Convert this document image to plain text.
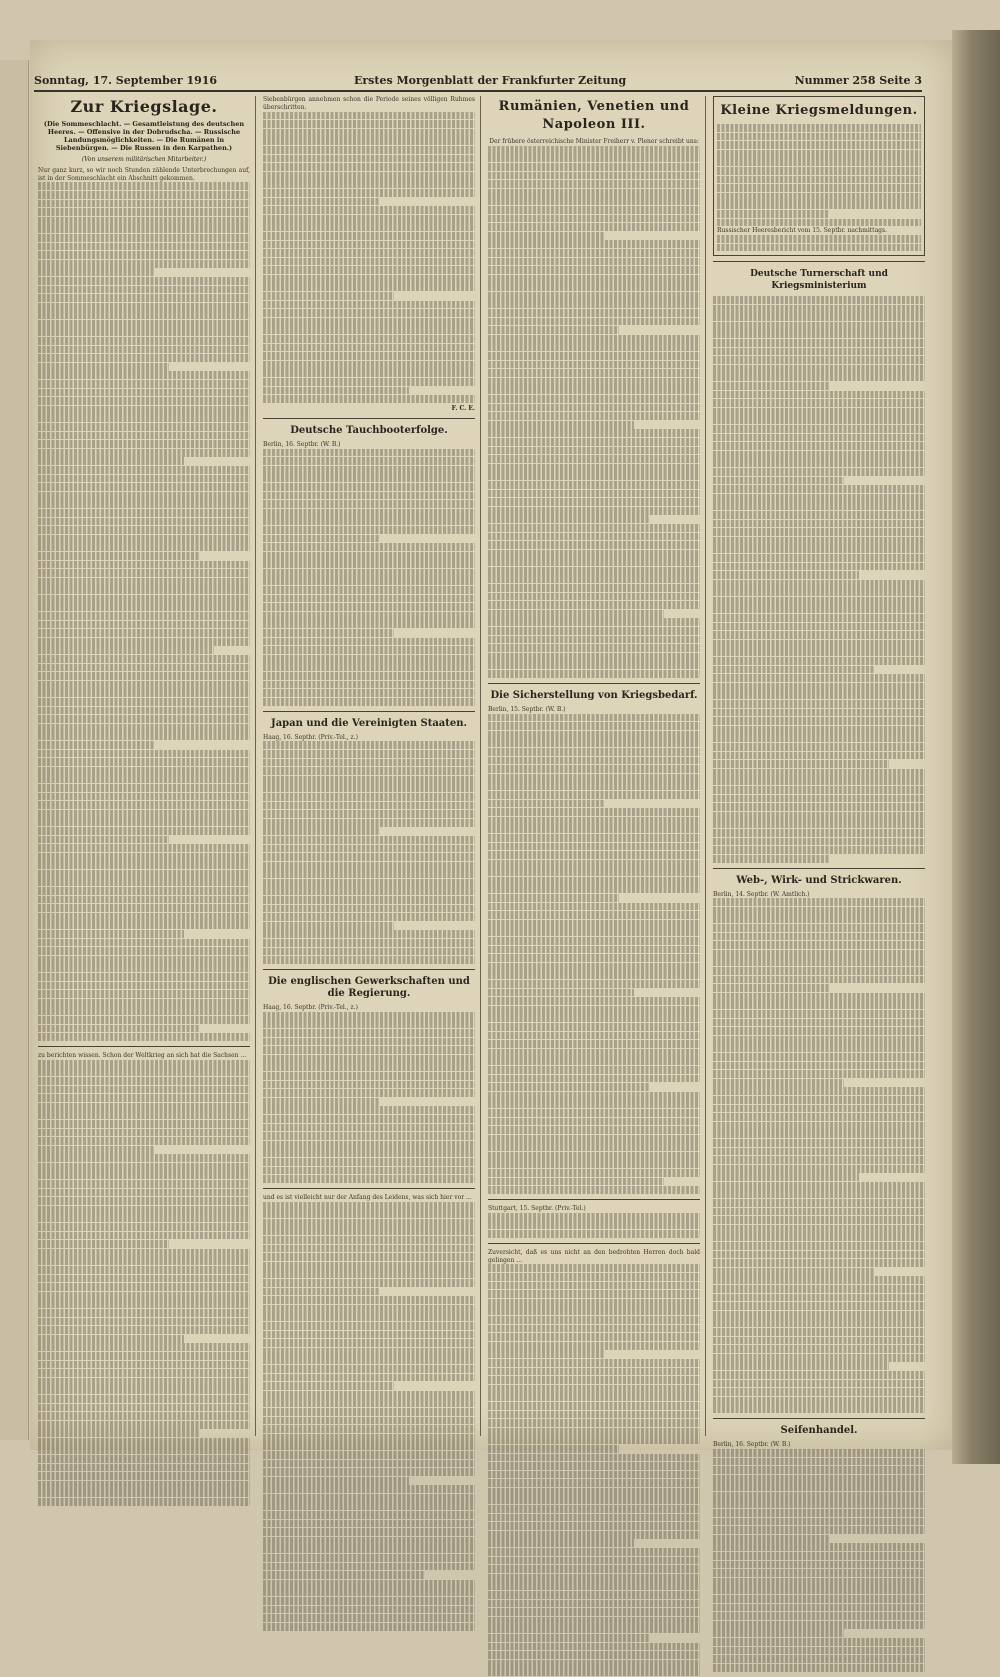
Sonntag, 17. September 1916	Erstes Morgenblatt der Frankfurter Zeitung	Nummer 258 Seite 3
Zur Kriegslage.
(Die Sommeschlacht. — Gesamtleistung des deutschen Heeres. — Offensive in der Dobrudscha. — Russische Landungsmöglichkeiten. — Die Rumänen in Siebenbürgen. — Die Russen in den Karpathen.)
(Von unserem militärischen Mitarbeiter.)
Nur ganz kurz, so wir noch Stunden zählende Unterbrechungen auf, ist in der Sommeschlacht ein Abschnitt gekommen.
zu berichten wissen. Schon der Weltkrieg an sich hat die Sachsen ...
Siebenbürgen annehmen schon die Periode seines völligen Ruhmes überschritten.
F. C. E.
Deutsche Tauchbooterfolge.
Berlin, 16. Septbr. (W. B.)
Japan und die Vereinigten Staaten.
Haag, 16. Septbr. (Priv.-Tel., z.)
Die englischen Gewerkschaften und die Regierung.
Haag, 16. Septbr. (Priv.-Tel., z.)
und es ist vielleicht nur der Anfang des Leidens, was sich hier vor ...
Rumänien, Venetien und Napoleon III.
Der frühere österreichische Minister Freiherr v. Plener schreibt uns:
Die Sicherstellung von Kriegsbedarf.
Berlin, 15. Septbr. (W. B.)
Stuttgart, 15. Septbr. (Priv.-Tel.)
Zuversicht, daß es uns nicht an den bedrohten Herren doch bald gelingen ...
Kleine Kriegsmeldungen.
Russischer Heeresbericht vom 15. Septbr. nachmittags.
Deutsche Turnerschaft und Kriegsministerium
Web-, Wirk- und Strickwaren.
Berlin, 14. Septbr. (W. Amtlich.)
Seifenhandel.
Berlin, 16. Septbr. (W. B.)
